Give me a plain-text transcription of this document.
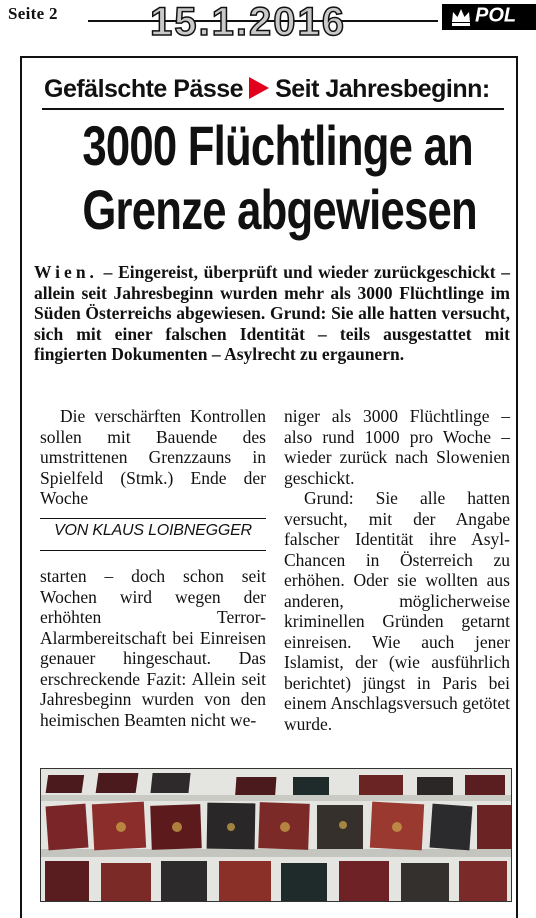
Seite 2 15.1.2016	POL
Gefälschte Pässe Seit Jahresbeginn:
3000 Flüchtlinge an
Grenze abgewiesen
Wien. – Eingereist, überprüft und wieder zurückgeschickt – allein seit Jahresbeginn wurden mehr als 3000 Flüchtlinge im Süden Österreichs abgewiesen. Grund: Sie alle hatten versucht, sich mit einer falschen Identität – teils ausgestattet mit fingierten Dokumenten – Asylrecht zu ergaunern.

Die verschärften Kontrollen sollen mit Bauende des umstrittenen Grenzzauns in Spielfeld (Stmk.) Ende der Woche

VON KLAUS LOIBNEGGER

starten – doch schon seit Wochen wird wegen der erhöhten Terror-Alarmbereitschaft bei Einreisen genauer hingeschaut. Das erschreckende Fazit: Allein seit Jahresbeginn wurden von den heimischen Beamten nicht we-

niger als 3000 Flüchtlinge – also rund 1000 pro Woche – wieder zurück nach Slowenien geschickt.

Grund: Sie alle hatten versucht, mit der Angabe falscher Identität ihre Asyl-Chancen in Österreich zu erhöhen. Oder sie wollten aus anderen, möglicherweise kriminellen Gründen getarnt einreisen. Wie auch jener Islamist, der (wie ausführlich berichtet) jüngst in Paris bei einem Anschlagsversuch getötet wurde.
